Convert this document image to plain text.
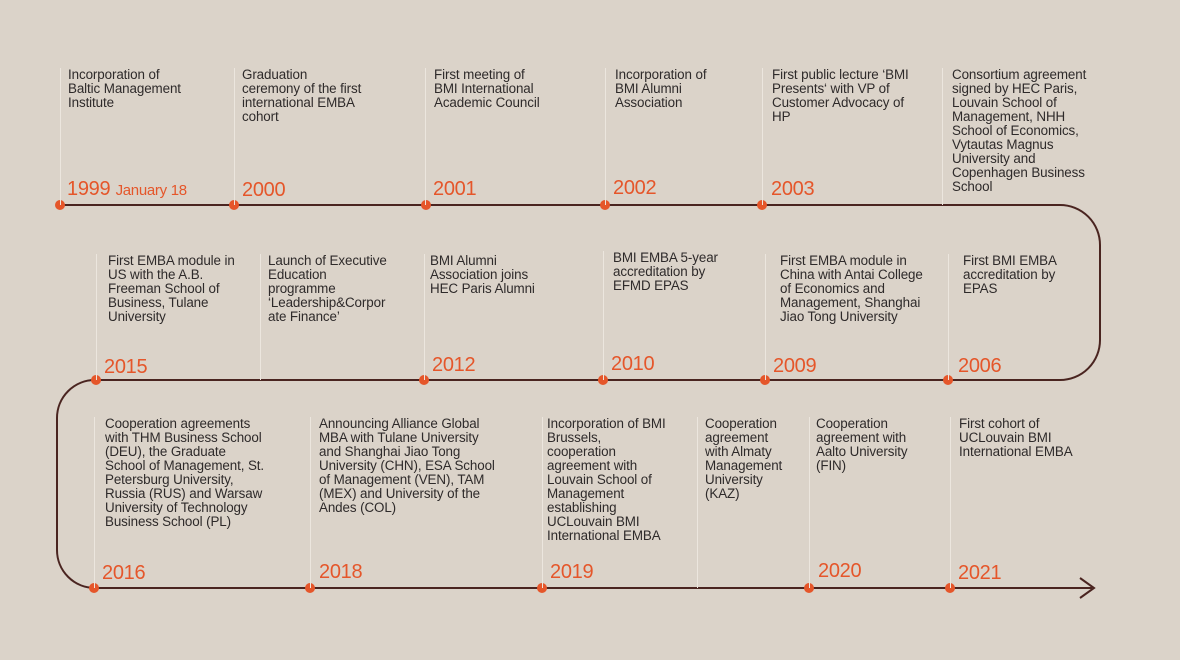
Incorporation of
Baltic Management
Institute
1999 January 18
Graduation
ceremony of the first
international EMBA
cohort
2000
First meeting of
BMI International
Academic Council
2001
Incorporation of
BMI Alumni
Association
2002
First public lecture ‘BMI
Presents‘ with VP of
Customer Advocacy of
HP
2003
Consortium agreement
signed by HEC Paris,
Louvain School of
Management, NHH
School of Economics,
Vytautas Magnus
University and
Copenhagen Business
School
First EMBA module in
US with the A.B.
Freeman School of
Business, Tulane
University
2015
Launch of Executive
Education
programme
‘Leadership&Corpor
ate Finance’
BMI Alumni
Association joins
HEC Paris Alumni
2012
BMI EMBA 5-year
accreditation by
EFMD EPAS
2010
First EMBA module in
China with Antai College
of Economics and
Management, Shanghai
Jiao Tong University
2009
First BMI EMBA
accreditation by
EPAS
2006
Cooperation agreements
with THM Business School
(DEU), the Graduate
School of Management, St.
Petersburg University,
Russia (RUS) and Warsaw
University of Technology
Business School (PL)
2016
Announcing Alliance Global
MBA with Tulane University
and Shanghai Jiao Tong
University (CHN), ESA School
of Management (VEN), TAM
(MEX) and University of the
Andes (COL)
2018
Incorporation of BMI
Brussels,
cooperation
agreement with
Louvain School of
Management
establishing
UCLouvain BMI
International EMBA
2019
Cooperation
agreement
with Almaty
Management
University
(KAZ)
Cooperation
agreement with
Aalto University
(FIN)
2020
First cohort of
UCLouvain BMI
International EMBA
2021
